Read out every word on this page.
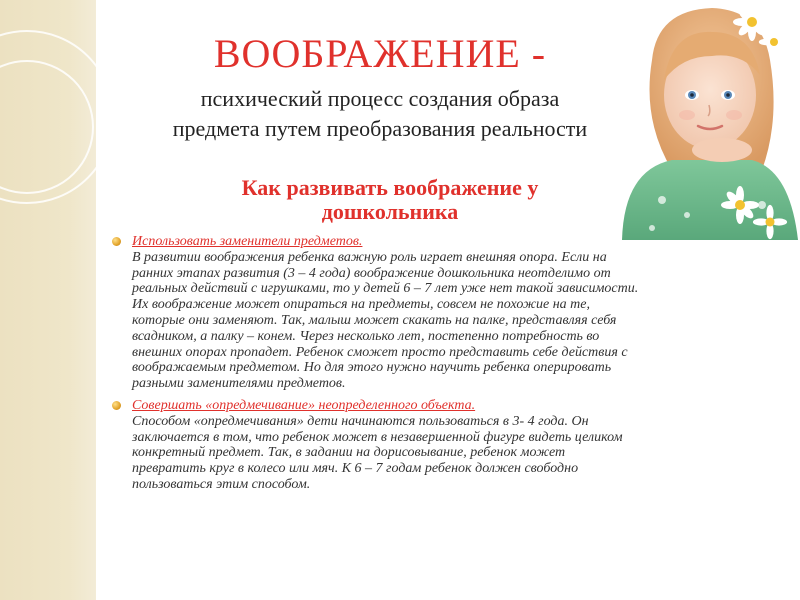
ВООБРАЖЕНИЕ -
психический процесс создания образа
предмета путем преобразования реальности
Как развивать воображение у
дошкольника
Использовать заменители предметов.
В развитии воображения ребенка важную роль играет внешняя опора. Если на ранних этапах развития (3 – 4 года) воображение дошкольника неотделимо от реальных действий с игрушками, то у детей 6 – 7 лет уже нет такой зависимости. Их воображение может опираться на предметы, совсем не похожие на те, которые они заменяют. Так, малыш может скакать на палке, представляя себя всадником, а палку – конем. Через несколько лет, постепенно потребность во внешних опорах пропадет. Ребенок сможет просто представить себе действия с воображаемым предметом. Но для этого нужно научить ребенка оперировать разными заменителями предметов.
Совершать «опредмечивание» неопределенного объекта.
Способом «опредмечивания» дети начинаются пользоваться в 3- 4 года. Он заключается в том, что ребенок может в незавершенной фигуре видеть целиком конкретный предмет. Так, в задании на дорисовывание, ребенок может превратить круг в колесо или мяч. К 6 – 7 годам ребенок должен свободно пользоваться этим способом.
